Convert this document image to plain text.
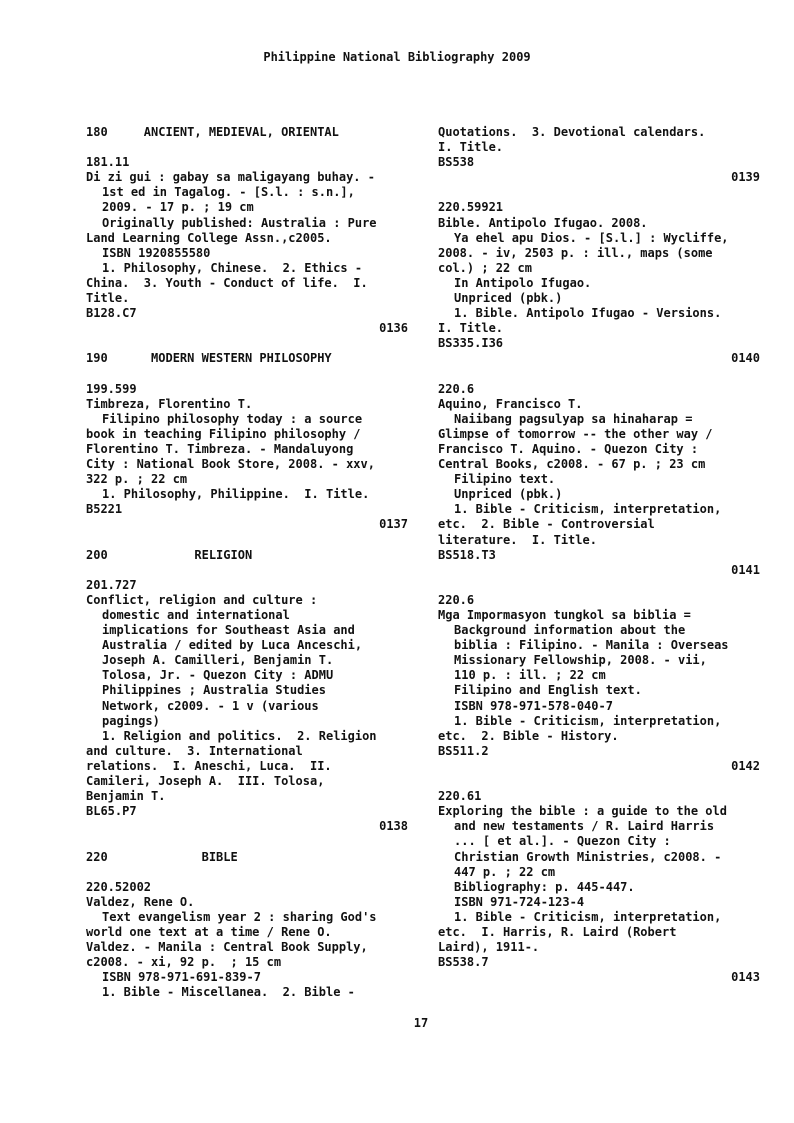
Philippine National Bibliography 2009
180     ANCIENT, MEDIEVAL, ORIENTAL
181.11
Di zi gui : gabay sa maligayang buhay. -
1st ed in Tagalog. - [S.l. : s.n.],
2009. - 17 p. ; 19 cm
Originally published: Australia : Pure
Land Learning College Assn.,c2005.
ISBN 1920855580
1. Philosophy, Chinese.  2. Ethics -
China.  3. Youth - Conduct of life.  I.
Title.
B128.C7
0136
190      MODERN WESTERN PHILOSOPHY
199.599
Timbreza, Florentino T.
Filipino philosophy today : a source
book in teaching Filipino philosophy /
Florentino T. Timbreza. - Mandaluyong
City : National Book Store, 2008. - xxv,
322 p. ; 22 cm
1. Philosophy, Philippine.  I. Title.
B5221
0137
200            RELIGION
201.727
Conflict, religion and culture :
domestic and international
implications for Southeast Asia and
Australia / edited by Luca Anceschi,
Joseph A. Camilleri, Benjamin T.
Tolosa, Jr. - Quezon City : ADMU
Philippines ; Australia Studies
Network, c2009. - 1 v (various
pagings)
1. Religion and politics.  2. Religion
and culture.  3. International
relations.  I. Aneschi, Luca.  II.
Camileri, Joseph A.  III. Tolosa,
Benjamin T.
BL65.P7
0138
220             BIBLE
220.52002
Valdez, Rene O.
Text evangelism year 2 : sharing God's
world one text at a time / Rene O.
Valdez. - Manila : Central Book Supply,
c2008. - xi, 92 p.  ; 15 cm
ISBN 978-971-691-839-7
1. Bible - Miscellanea.  2. Bible -
Quotations.  3. Devotional calendars.
I. Title.
BS538
0139
220.59921
Bible. Antipolo Ifugao. 2008.
Ya ehel apu Dios. - [S.l.] : Wycliffe,
2008. - iv, 2503 p. : ill., maps (some
col.) ; 22 cm
In Antipolo Ifugao.
Unpriced (pbk.)
1. Bible. Antipolo Ifugao - Versions.
I. Title.
BS335.I36
0140
220.6
Aquino, Francisco T.
Naiibang pagsulyap sa hinaharap =
Glimpse of tomorrow -- the other way /
Francisco T. Aquino. - Quezon City :
Central Books, c2008. - 67 p. ; 23 cm
Filipino text.
Unpriced (pbk.)
1. Bible - Criticism, interpretation,
etc.  2. Bible - Controversial
literature.  I. Title.
BS518.T3
0141
220.6
Mga Impormasyon tungkol sa biblia =
Background information about the
biblia : Filipino. - Manila : Overseas
Missionary Fellowship, 2008. - vii,
110 p. : ill. ; 22 cm
Filipino and English text.
ISBN 978-971-578-040-7
1. Bible - Criticism, interpretation,
etc.  2. Bible - History.
BS511.2
0142
220.61
Exploring the bible : a guide to the old
and new testaments / R. Laird Harris
... [ et al.]. - Quezon City :
Christian Growth Ministries, c2008. -
447 p. ; 22 cm
Bibliography: p. 445-447.
ISBN 971-724-123-4
1. Bible - Criticism, interpretation,
etc.  I. Harris, R. Laird (Robert
Laird), 1911-.
BS538.7
0143
17
